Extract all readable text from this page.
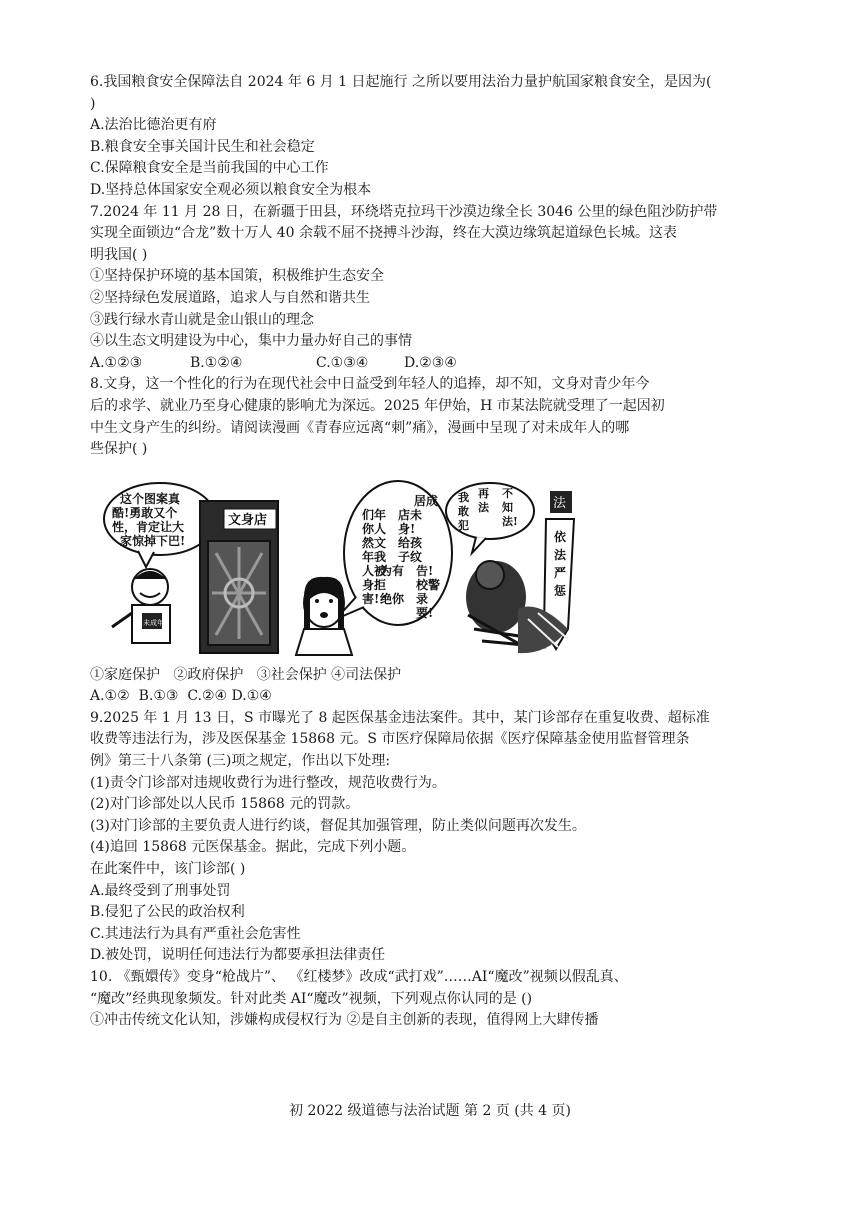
6.我国粮食安全保障法自 2024 年 6 月 1 日起施行 之所以要用法治力量护航国家粮食安全，是因为(
)
A.法治比德治更有府
B.粮食安全事关国计民生和社会稳定
C.保障粮食安全是当前我国的中心工作
D.坚持总体国家安全观必须以粮食安全为根本
7.2024 年 11 月 28 日，在新疆于田县，环绕塔克拉玛干沙漠边缘全长 3046 公里的绿色阻沙防护带
实现全面锁边“合龙”数十万人 40 余载不屈不挠搏斗沙海，终在大漠边缘筑起道绿色长城。这表
明我国( )
①坚持保护环境的基本国策，积极维护生态安全
②坚持绿色发展道路，追求人与自然和谐共生
③践行绿水青山就是金山银山的理念
④以生态文明建设为中心，集中力量办好自己的事情
A.①②③	B.①②④	C.①③④	D.②③④
8.文身，这一个性化的行为在现代社会中日益受到年轻人的追捧，却不知，文身对青少年今
后的求学、就业乃至身心健康的影响尤为深远。2025 年伊始，H 市某法院就受理了一起因初
中生文身产生的纠纷。请阅读漫画《青春应远离“刺”痛》，漫画中呈现了对未成年人的哪
些保护( )
这个图案真
酷!勇敢又个
性，肯定让大
家惊掉下巴!
未成年
文身店
居成
店未
身!
们年
你人
然文 给孩
子纹
年我
为有
人被
身拒
害! 绝你
告!
校警
录
要!
我 再 不
知
敢 法
犯	法!
法
依
法
严
惩
①家庭保护 ②政府保护 ③社会保护 ④司法保护
A.①② B.①③ C.②④ D.①④
9.2025 年 1 月 13 日，S 市曝光了 8 起医保基金违法案件。其中，某门诊部存在重复收费、超标准
收费等违法行为，涉及医保基金 15868 元。S 市医疗保障局依据《医疗保障基金使用监督管理条
例》第三十八条第 (三)项之规定，作出以下处理:
(1)责令门诊部对违规收费行为进行整改，规范收费行为。
(2)对门诊部处以人民币 15868 元的罚款。
(3)对门诊部的主要负责人进行约谈，督促其加强管理，防止类似问题再次发生。
(4)追回 15868 元医保基金。据此，完成下列小题。
在此案件中，该门诊部( )
A.最终受到了刑事处罚
B.侵犯了公民的政治权利
C.其违法行为具有严重社会危害性
D.被处罚，说明任何违法行为都要承担法律责任
10. 《甄嬛传》变身“枪战片”、 《红楼梦》改成“武打戏”……AI“魔改”视频以假乱真、
“魔改”经典现象频发。针对此类 AI“魔改”视频，下列观点你认同的是 ()
①冲击传统文化认知，涉嫌构成侵权行为 ②是自主创新的表现，值得网上大肆传播
初 2022 级道德与法治试题 第 2 页 (共 4 页)
